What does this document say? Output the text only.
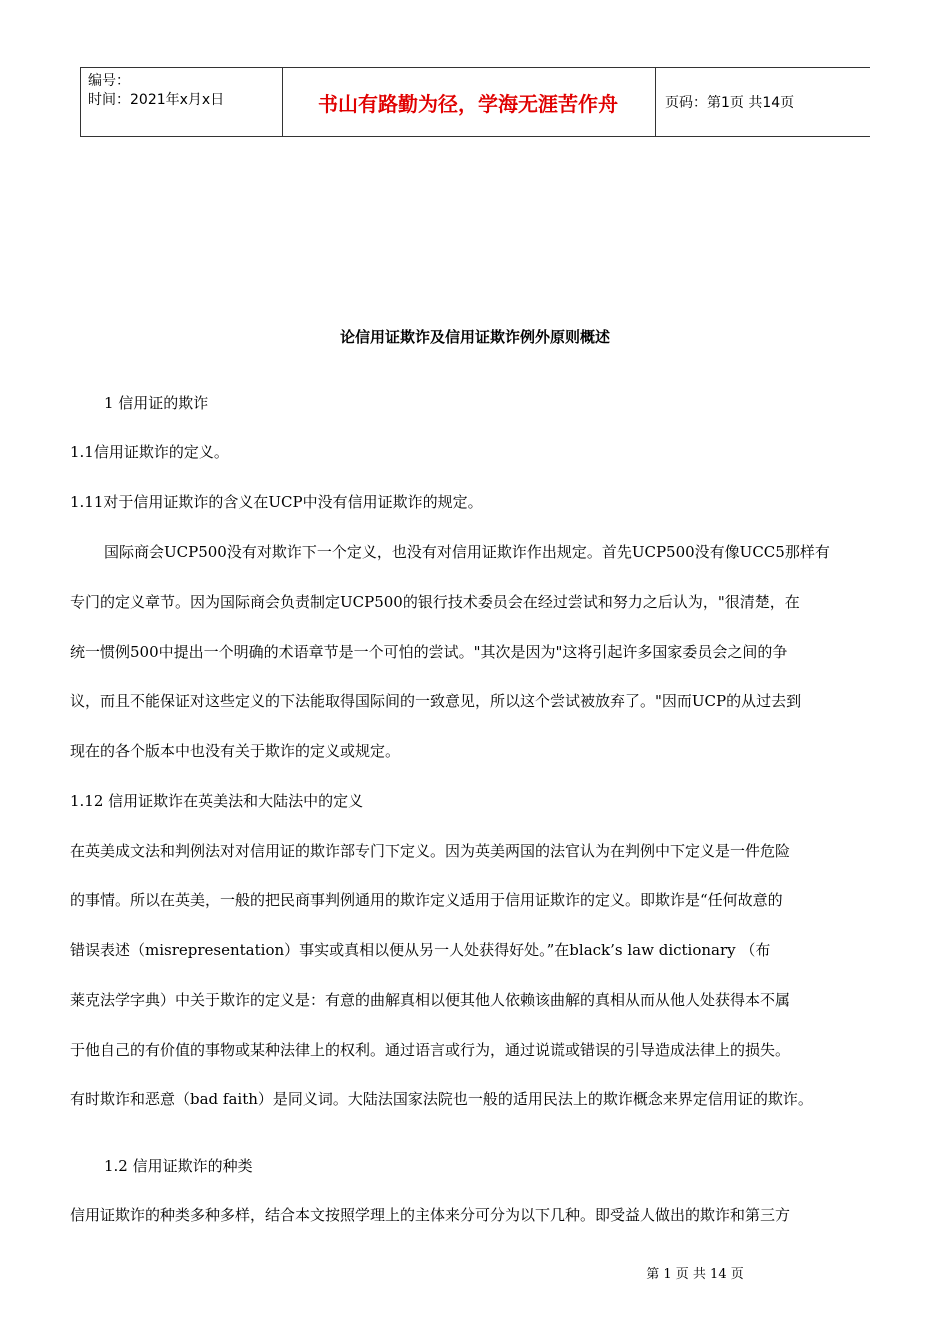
编号：
时间：2021年x月x日	书山有路勤为径，学海无涯苦作舟	页码：第1页 共14页
论信用证欺诈及信用证欺诈例外原则概述
1 信用证的欺诈
1.1信用证欺诈的定义。
1.11对于信用证欺诈的含义在UCP中没有信用证欺诈的规定。
国际商会UCP500没有对欺诈下一个定义，也没有对信用证欺诈作出规定。首先UCP500没有像UCC5那样有
专门的定义章节。因为国际商会负责制定UCP500的银行技术委员会在经过尝试和努力之后认为，"很清楚，在
统一惯例500中提出一个明确的术语章节是一个可怕的尝试。"其次是因为"这将引起许多国家委员会之间的争
议，而且不能保证对这些定义的下法能取得国际间的一致意见，所以这个尝试被放弃了。"因而UCP的从过去到
现在的各个版本中也没有关于欺诈的定义或规定。
1.12 信用证欺诈在英美法和大陆法中的定义
在英美成文法和判例法对对信用证的欺诈部专门下定义。因为英美两国的法官认为在判例中下定义是一件危险
的事情。所以在英美，一般的把民商事判例通用的欺诈定义适用于信用证欺诈的定义。即欺诈是“任何故意的
错误表述（misrepresentation）事实或真相以便从另一人处获得好处。”在black’s law dictionary （布
莱克法学字典）中关于欺诈的定义是：有意的曲解真相以便其他人依赖该曲解的真相从而从他人处获得本不属
于他自己的有价值的事物或某种法律上的权利。通过语言或行为，通过说谎或错误的引导造成法律上的损失。
有时欺诈和恶意（bad faith）是同义词。大陆法国家法院也一般的适用民法上的欺诈概念来界定信用证的欺诈。
1.2 信用证欺诈的种类
信用证欺诈的种类多种多样，结合本文按照学理上的主体来分可分为以下几种。即受益人做出的欺诈和第三方
第 1 页 共 14 页
